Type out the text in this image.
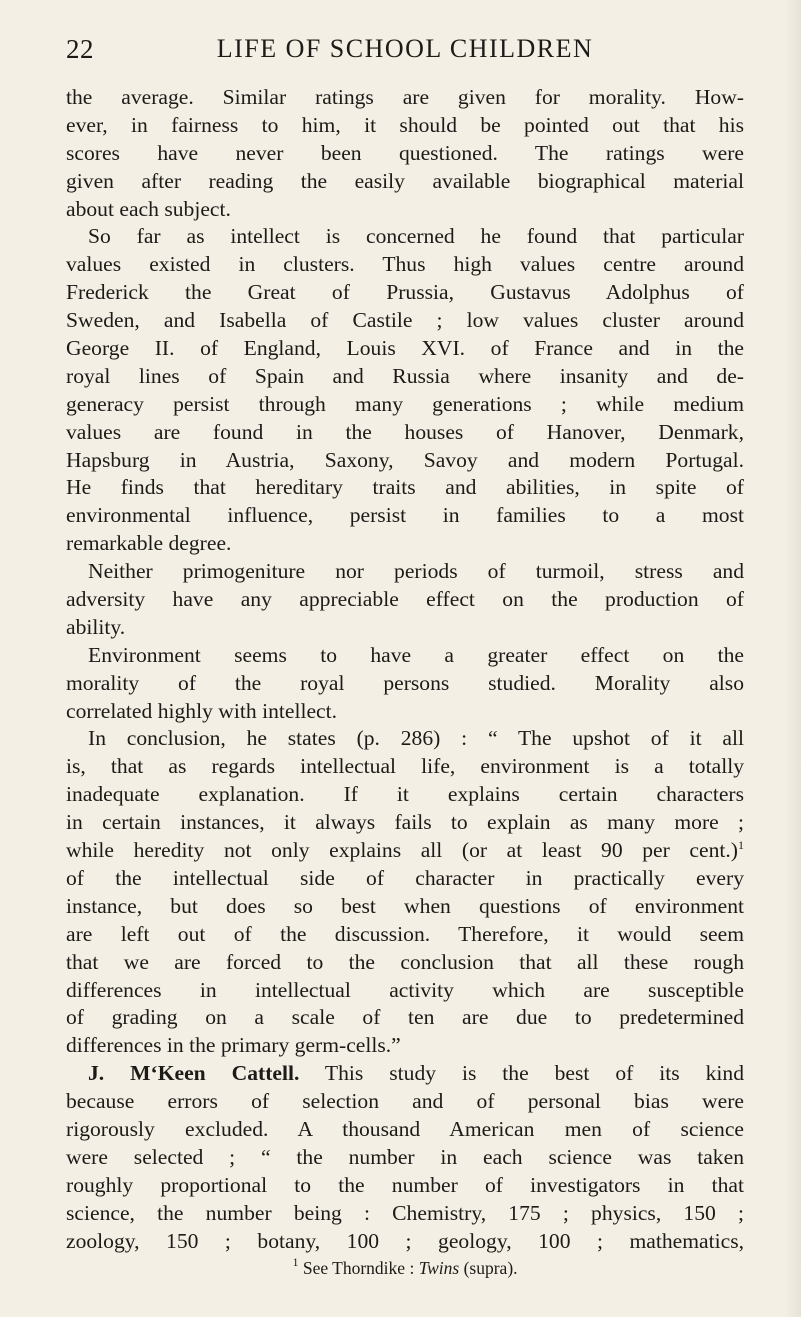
22	LIFE OF SCHOOL CHILDREN
the average. Similar ratings are given for morality. How-
ever, in fairness to him, it should be pointed out that his
scores have never been questioned. The ratings were
given after reading the easily available biographical material
about each subject.
So far as intellect is concerned he found that particular
values existed in clusters. Thus high values centre around
Frederick the Great of Prussia, Gustavus Adolphus of
Sweden, and Isabella of Castile ; low values cluster around
George II. of England, Louis XVI. of France and in the
royal lines of Spain and Russia where insanity and de-
generacy persist through many generations ; while medium
values are found in the houses of Hanover, Denmark,
Hapsburg in Austria, Saxony, Savoy and modern Portugal.
He finds that hereditary traits and abilities, in spite of
environmental influence, persist in families to a most
remarkable degree.
Neither primogeniture nor periods of turmoil, stress and
adversity have any appreciable effect on the production of
ability.
Environment seems to have a greater effect on the
morality of the royal persons studied. Morality also
correlated highly with intellect.
In conclusion, he states (p. 286) : “ The upshot of it all
is, that as regards intellectual life, environment is a totally
inadequate explanation. If it explains certain characters
in certain instances, it always fails to explain as many more ;
while heredity not only explains all (or at least 90 per cent.)$^1$
of the intellectual side of character in practically every
instance, but does so best when questions of environment
are left out of the discussion. Therefore, it would seem
that we are forced to the conclusion that all these rough
differences in intellectual activity which are susceptible
of grading on a scale of ten are due to predetermined
differences in the primary germ-cells.”
J. M‘Keen Cattell. This study is the best of its kind
because errors of selection and of personal bias were
rigorously excluded. A thousand American men of science
were selected ; “ the number in each science was taken
roughly proportional to the number of investigators in that
science, the number being : Chemistry, 175 ; physics, 150 ;
zoology, 150 ; botany, 100 ; geology, 100 ; mathematics,
$^1$ See Thorndike : Twins (supra).
